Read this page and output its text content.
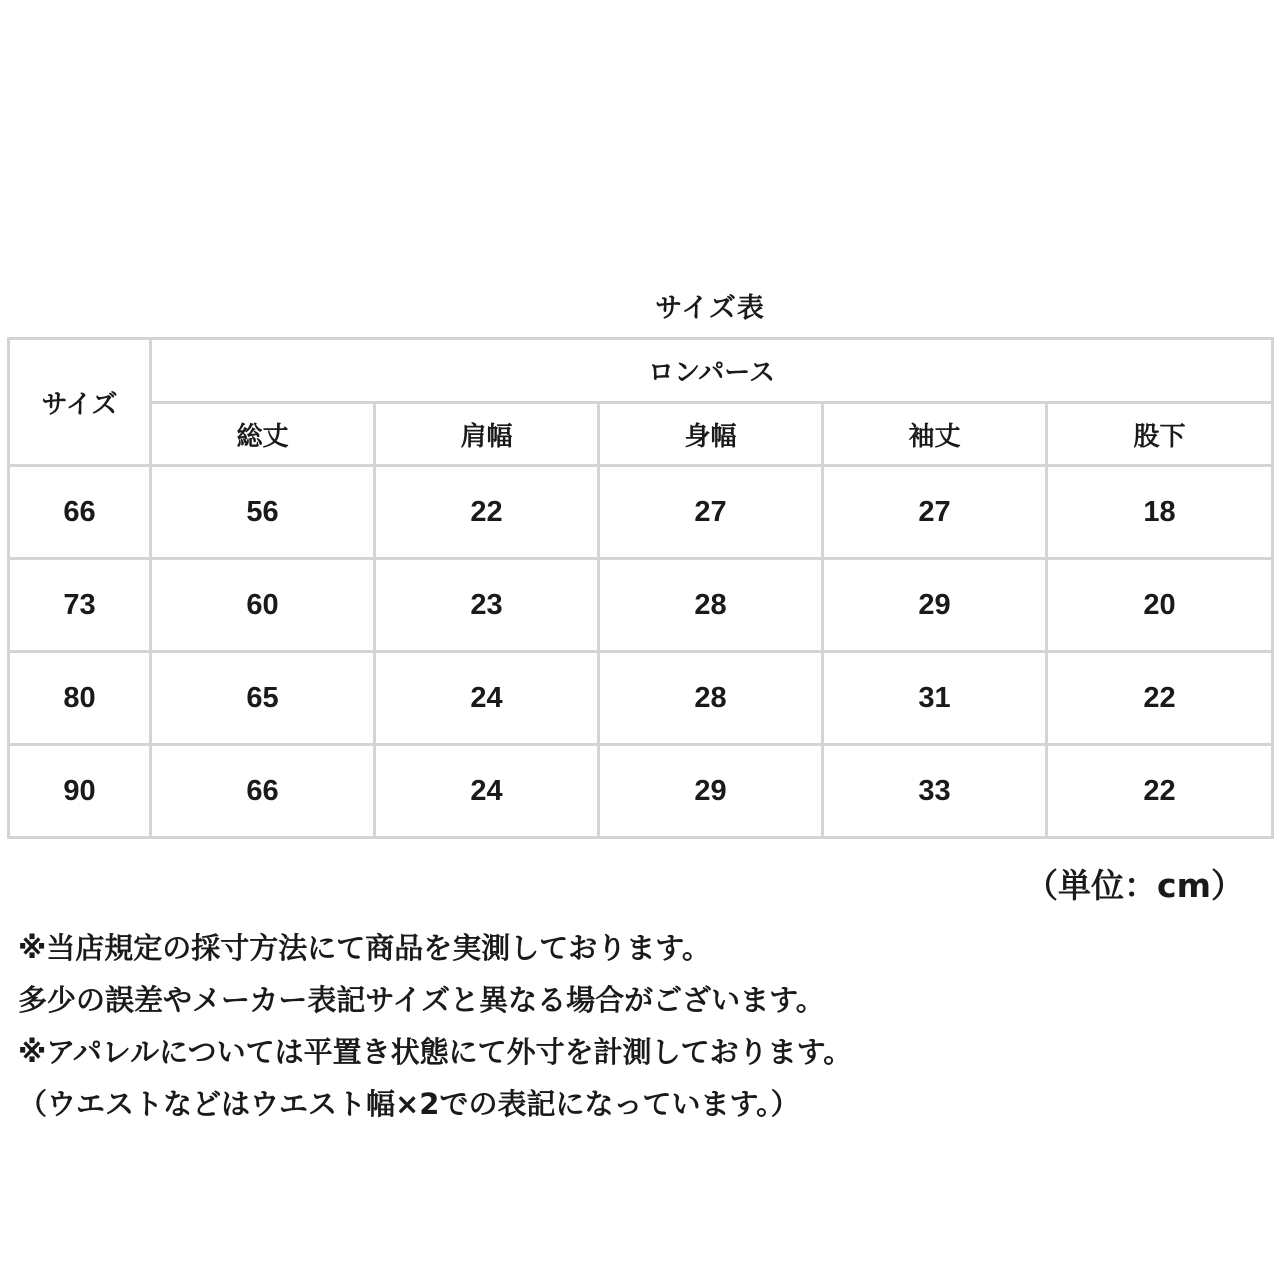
サイズ表
サイズ	ロンパース				
	総丈	肩幅	身幅	袖丈	股下
66	56	22	27	27	18
73	60	23	28	29	20
80	65	24	28	31	22
90	66	24	29	33	22
（単位：cm）
※当店規定の採寸方法にて商品を実測しております。
多少の誤差やメーカー表記サイズと異なる場合がございます。
※アパレルについては平置き状態にて外寸を計測しております。
（ウエストなどはウエスト幅×2での表記になっています。）
